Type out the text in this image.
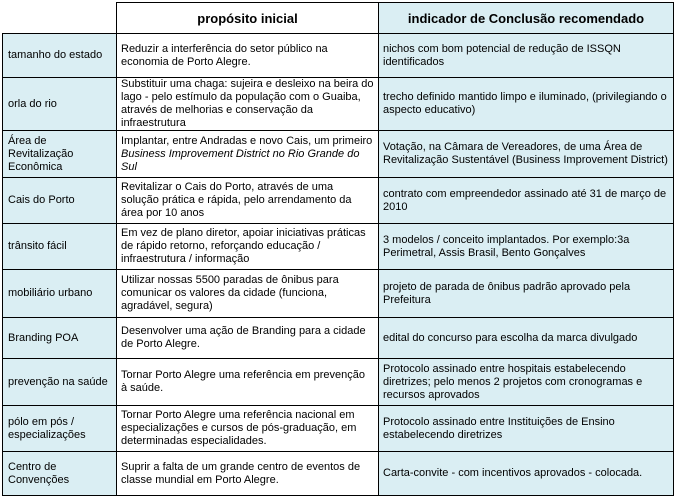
	propósito inicial	indicador de Conclusão recomendado
tamanho do estado	Reduzir a interferência do setor público na economia de Porto Alegre.	nichos com bom potencial de redução de ISSQN identificados
orla do rio	Substituir uma chaga: sujeira e desleixo na beira do lago - pelo estímulo da população com o Guaiba, através de melhorias e conservação da infraestrutura	trecho definido mantido limpo e iluminado, (privilegiando o aspecto educativo)
Área de Revitalização Econômica	Implantar, entre Andradas e novo Cais, um primeiro Business Improvement District no Rio Grande do Sul	Votação, na Câmara de Vereadores, de uma Área de Revitalização Sustentável (Business Improvement District)
Cais do Porto	Revitalizar o Cais do Porto, através de uma solução prática e rápida, pelo arrendamento da área por 10 anos	contrato com empreendedor assinado até 31 de março de 2010
trânsito fácil	Em vez de plano diretor, apoiar iniciativas práticas de rápido retorno, reforçando educação / infraestrutura / informação	3 modelos / conceito implantados. Por exemplo:3a Perimetral, Assis Brasil, Bento Gonçalves
mobiliário urbano	Utilizar nossas 5500 paradas de ônibus para comunicar os valores da cidade (funciona, agradável, segura)	projeto de parada de ônibus padrão aprovado pela Prefeitura
Branding POA	Desenvolver uma ação de Branding para a cidade de Porto Alegre.	edital do concurso para escolha da marca divulgado
prevenção na saúde	Tornar Porto Alegre uma referência em prevenção à saúde.	Protocolo assinado entre hospitais estabelecendo diretrizes; pelo menos 2 projetos com cronogramas e recursos aprovados
pólo em pós / especializações	Tornar Porto Alegre uma referência nacional em especializações e cursos de pós-graduação, em determinadas especialidades.	Protocolo assinado entre Instituições de Ensino estabelecendo diretrizes
Centro de Convenções	Suprir a falta de um grande centro de eventos de classe mundial em Porto Alegre.	Carta-convite - com incentivos aprovados - colocada.
